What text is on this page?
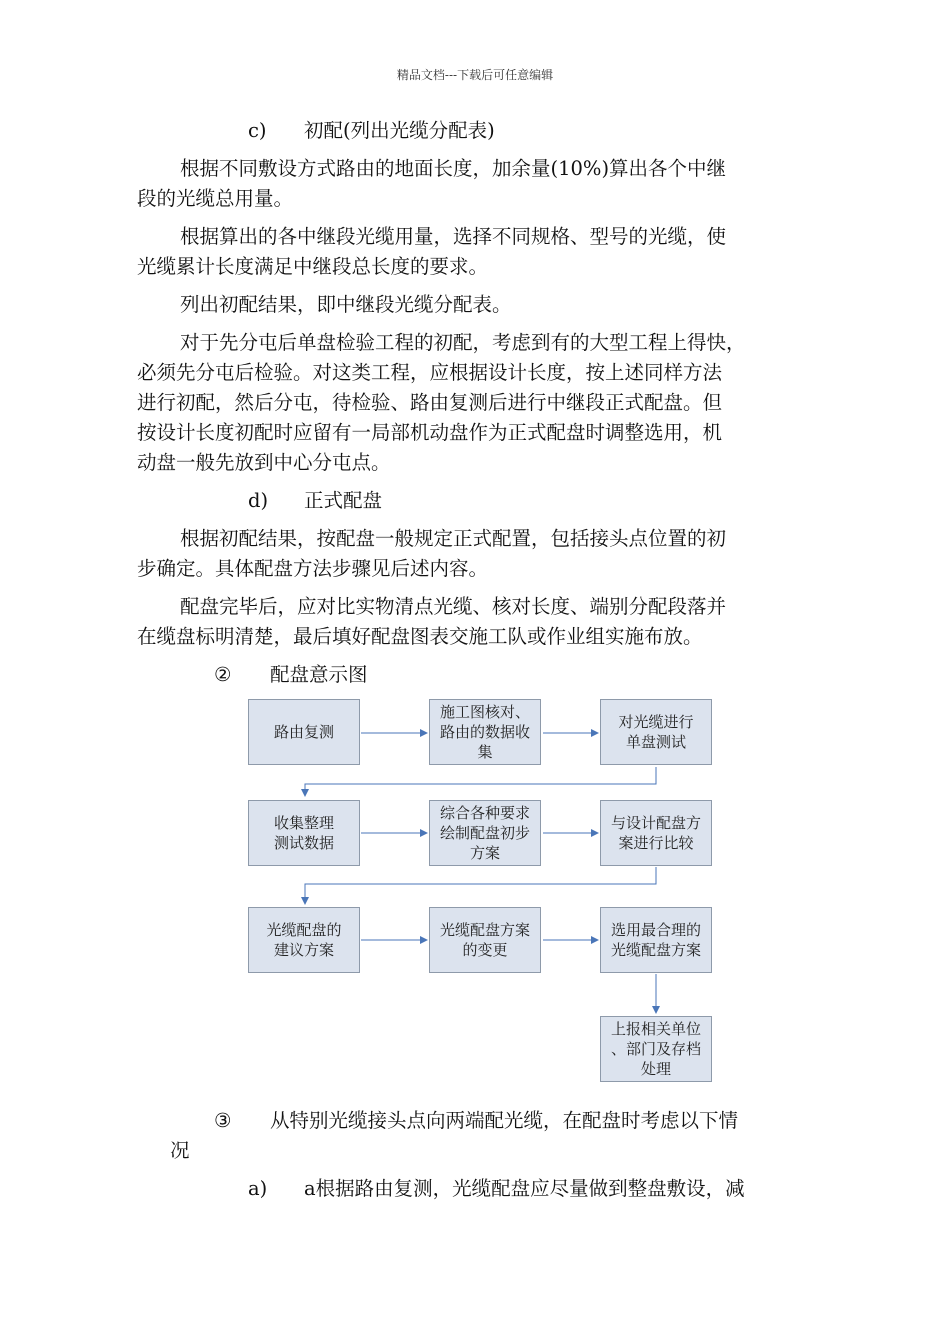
精品文档---下载后可任意编辑
c) 初配(列出光缆分配表)
根据不同敷设方式路由的地面长度，加余量(10%)算出各个中继
段的光缆总用量。
根据算出的各中继段光缆用量，选择不同规格、型号的光缆，使
光缆累计长度满足中继段总长度的要求。
列出初配结果，即中继段光缆分配表。
对于先分屯后单盘检验工程的初配，考虑到有的大型工程上得快，
必须先分屯后检验。对这类工程，应根据设计长度，按上述同样方法
进行初配，然后分屯，待检验、路由复测后进行中继段正式配盘。但
按设计长度初配时应留有一局部机动盘作为正式配盘时调整选用，机
动盘一般先放到中心分屯点。
d) 正式配盘
根据初配结果，按配盘一般规定正式配置，包括接头点位置的初
步确定。具体配盘方法步骤见后述内容。
配盘完毕后，应对比实物清点光缆、核对长度、端别分配段落并
在缆盘标明清楚，最后填好配盘图表交施工队或作业组实施布放。
② 配盘意示图
路由复测
施工图核对、
路由的数据收
集
对光缆进行
单盘测试
收集整理
测试数据
综合各种要求
绘制配盘初步
方案
与设计配盘方
案进行比较
光缆配盘的
建议方案
光缆配盘方案
的变更
选用最合理的
光缆配盘方案
上报相关单位
、部门及存档
处理
③ 从特别光缆接头点向两端配光缆，在配盘时考虑以下情
况
a) a根据路由复测，光缆配盘应尽量做到整盘敷设，减
